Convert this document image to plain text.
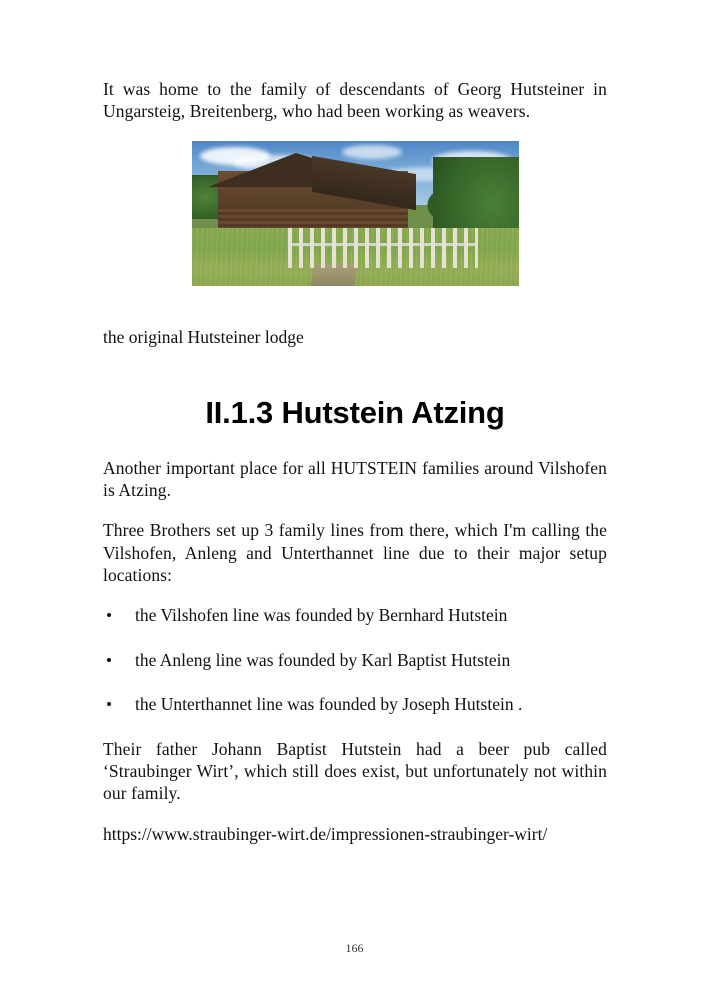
It was home to the family of descendants of Georg Hutsteiner in Ungarsteig, Breitenberg, who had been working as weavers.

the original Hutsteiner lodge

II.1.3 Hutstein Atzing

Another important place for all HUTSTEIN families around Vilshofen is Atzing.

Three Brothers set up 3 family lines from there, which I'm calling the Vilshofen, Anleng and Unterthannet line due to their major setup locations:

the Vilshofen line was founded by Bernhard Hutstein
the Anleng line was founded by Karl Baptist Hutstein
the Unterthannet line was founded by Joseph Hutstein .

Their father Johann Baptist Hutstein had a beer pub called ‘Straubinger Wirt’, which still does exist, but unfortunately not within our family.

https://www.straubinger-wirt.de/impressionen-straubinger-wirt/

166
